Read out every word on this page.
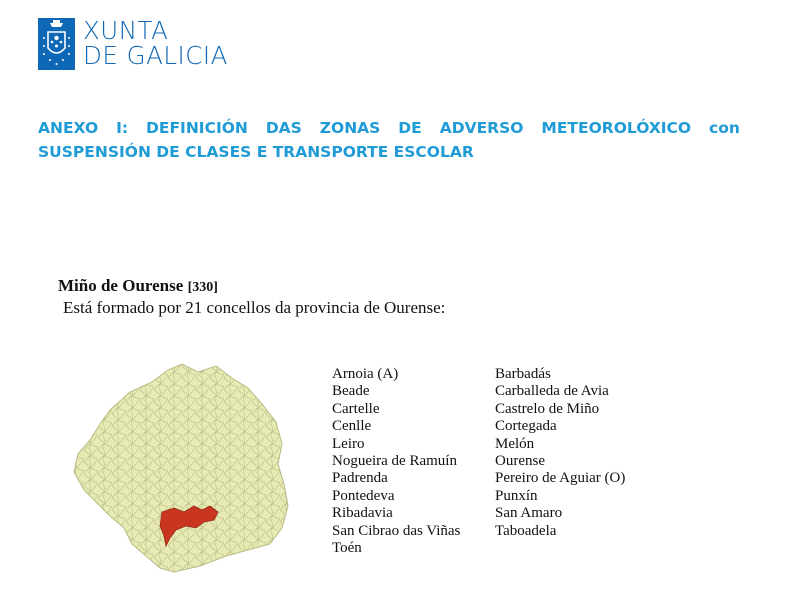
XUNTA
DE GALICIA
ANEXO I: DEFINICIÓN DAS ZONAS DE ADVERSO METEOROLÓXICO con
SUSPENSIÓN DE CLASES E TRANSPORTE ESCOLAR
Miño de Ourense [330]
Está formado por 21 concellos da provincia de Ourense:
Arnoia (A)
Beade
Cartelle
Cenlle
Leiro
Nogueira de Ramuín
Padrenda
Pontedeva
Ribadavia
San Cibrao das Viñas
Toén
Barbadás
Carballeda de Avia
Castrelo de Miño
Cortegada
Melón
Ourense
Pereiro de Aguiar (O)
Punxín
San Amaro
Taboadela
